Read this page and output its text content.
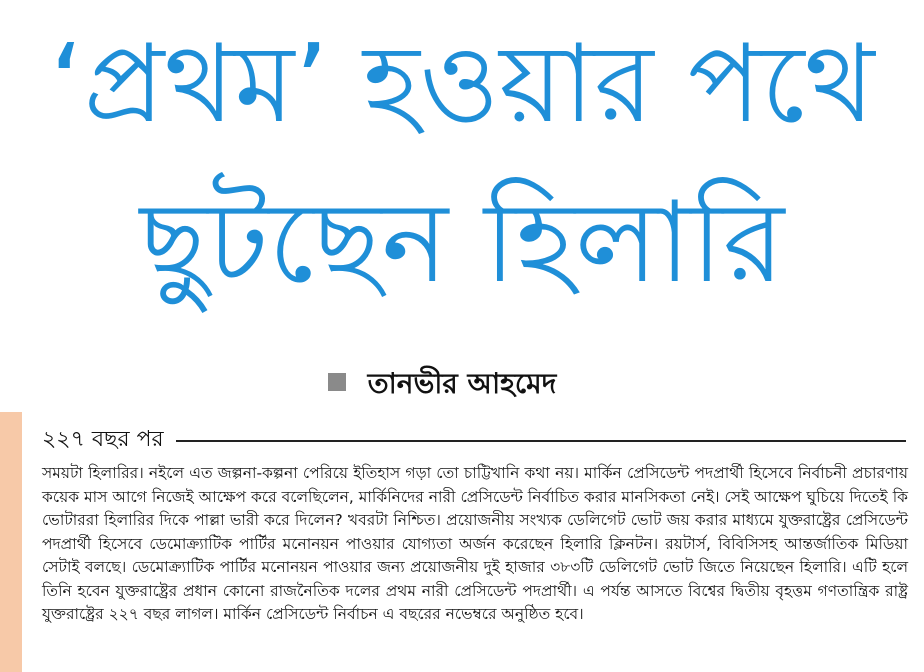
‘প্রথম’ হওয়ার পথে
ছুটছেন হিলারি
তানভীর আহমেদ
২২৭ বছর পর

সময়টা হিলারির। নইলে এত জল্পনা-কল্পনা পেরিয়ে ইতিহাস গড়া তো চাট্টিখানি কথা নয়। মার্কিন প্রেসিডেন্ট পদপ্রার্থী হিসেবে নির্বাচনী প্রচারণায় কয়েক মাস আগে নিজেই আক্ষেপ করে বলেছিলেন, মার্কিনিদের নারী প্রেসিডেন্ট নির্বাচিত করার মানসিকতা নেই। সেই আক্ষেপ ঘুচিয়ে দিতেই কি ভোটাররা হিলারির দিকে পাল্লা ভারী করে দিলেন? খবরটা নিশ্চিত। প্রয়োজনীয় সংখ্যক ডেলিগেট ভোট জয় করার মাধ্যমে যুক্তরাষ্ট্রের প্রেসিডেন্ট পদপ্রার্থী হিসেবে ডেমোক্র্যাটিক পার্টির মনোনয়ন পাওয়ার যোগ্যতা অর্জন করেছেন হিলারি ক্লিনটন। রয়টার্স, বিবিসিসহ আন্তর্জাতিক মিডিয়া সেটাই বলছে। ডেমোক্র্যাটিক পার্টির মনোনয়ন পাওয়ার জন্য প্রয়োজনীয় দুই হাজার ৩৮৩টি ডেলিগেট ভোট জিতে নিয়েছেন হিলারি। এটি হলে তিনি হবেন যুক্তরাষ্ট্রের প্রধান কোনো রাজনৈতিক দলের প্রথম নারী প্রেসিডেন্ট পদপ্রার্থী। এ পর্যন্ত আসতে বিশ্বের দ্বিতীয় বৃহত্তম গণতান্ত্রিক রাষ্ট্র যুক্তরাষ্ট্রের ২২৭ বছর লাগল। মার্কিন প্রেসিডেন্ট নির্বাচন এ বছরের নভেম্বরে অনুষ্ঠিত হবে।
